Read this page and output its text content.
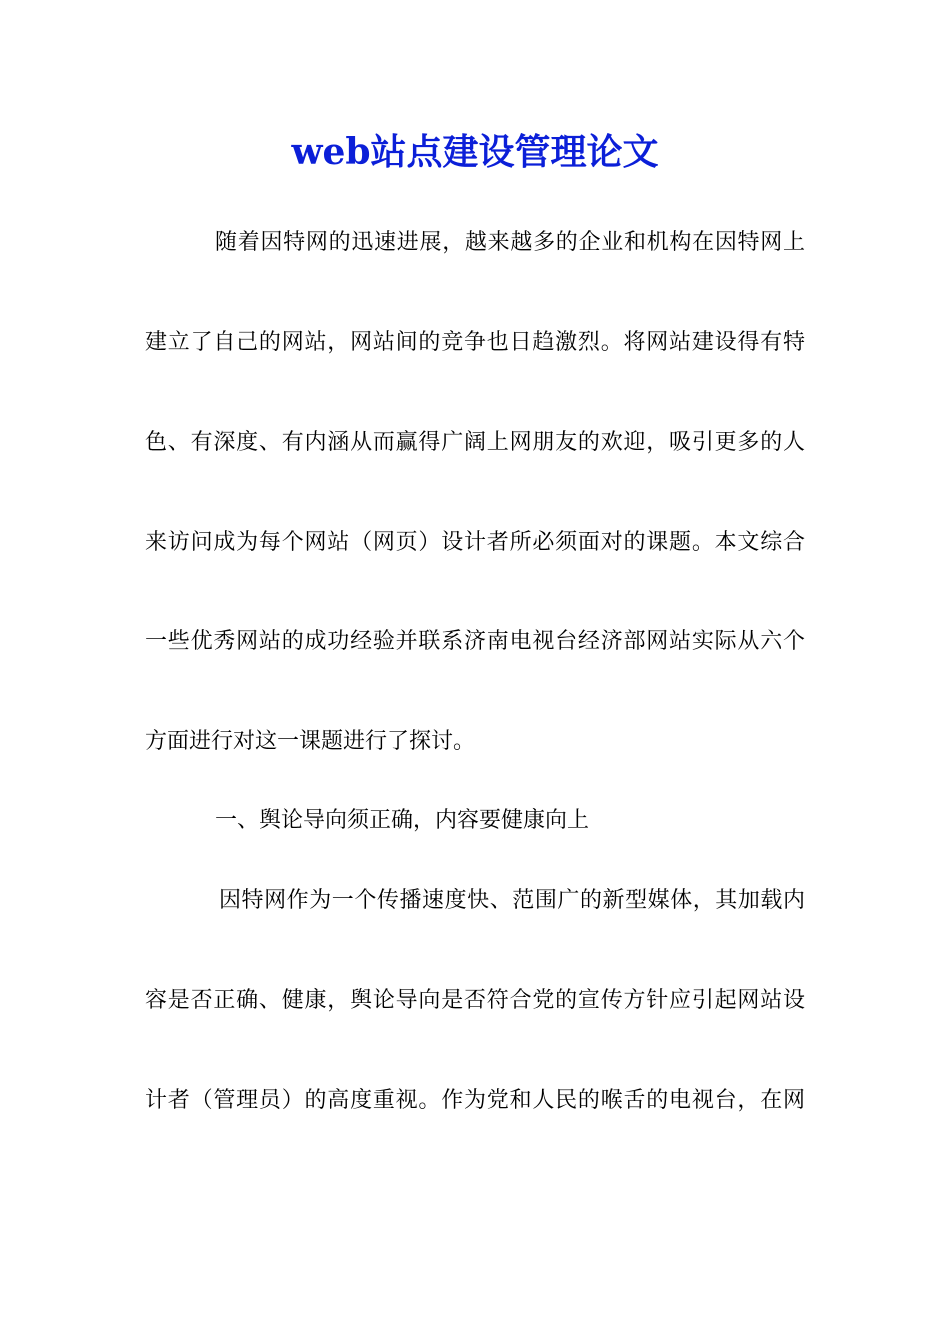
web站点建设管理论文

随着因特网的迅速进展，越来越多的企业和机构在因特网上

建立了自己的网站，网站间的竞争也日趋激烈。将网站建设得有特

色、有深度、有内涵从而赢得广阔上网朋友的欢迎，吸引更多的人

来访问成为每个网站（网页）设计者所必须面对的课题。本文综合

一些优秀网站的成功经验并联系济南电视台经济部网站实际从六个

方面进行对这一课题进行了探讨。

一、舆论导向须正确，内容要健康向上

因特网作为一个传播速度快、范围广的新型媒体，其加载内

容是否正确、健康，舆论导向是否符合党的宣传方针应引起网站设

计者（管理员）的高度重视。作为党和人民的喉舌的电视台，在网
